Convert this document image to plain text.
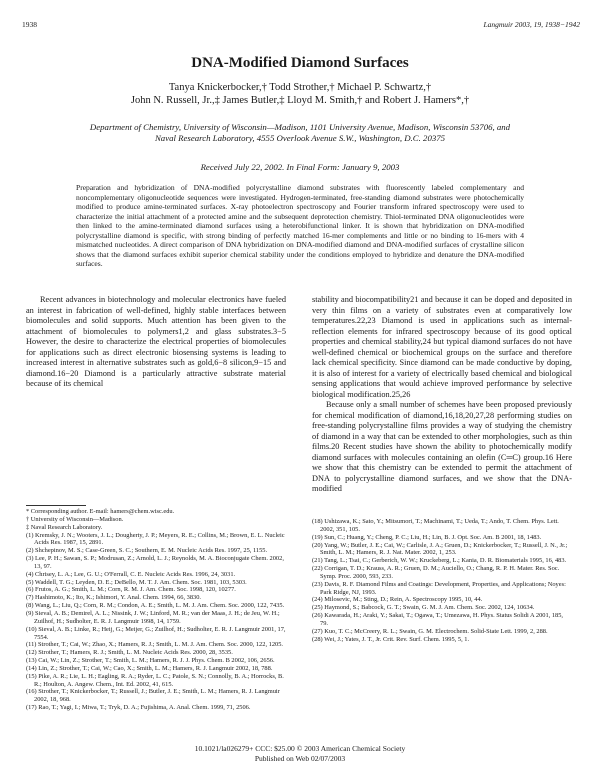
1938	Langmuir 2003, 19, 1938−1942
DNA-Modified Diamond Surfaces
Tanya Knickerbocker,† Todd Strother,† Michael P. Schwartz,†
John N. Russell, Jr.,‡ James Butler,‡ Lloyd M. Smith,† and Robert J. Hamers*,†
Department of Chemistry, University of Wisconsin—Madison, 1101 University Avenue, Madison, Wisconsin 53706, and Naval Research Laboratory, 4555 Overlook Avenue S.W., Washington, D.C. 20375
Received July 22, 2002. In Final Form: January 9, 2003
Preparation and hybridization of DNA-modified polycrystalline diamond substrates with fluorescently labeled complementary and noncomplementary oligonucleotide sequences were investigated. Hydrogen-terminated, free-standing diamond substrates were photochemically modified to produce amine-terminated surfaces. X-ray photoelectron spectroscopy and Fourier transform infrared spectroscopy were used to characterize the initial attachment of a protected amine and the subsequent deprotection chemistry. Thiol-terminated DNA oligonucleotides were then linked to the amine-terminated diamond surfaces using a heterobifunctional linker. It is shown that hybridization on DNA-modified polycrystalline diamond is specific, with strong binding of perfectly matched 16-mer complements and little or no binding to 16-mers with 4 mismatched nucleotides. A direct comparison of DNA hybridization on DNA-modified diamond and DNA-modified surfaces of crystalline silicon shows that the diamond surfaces exhibit superior chemical stability under the conditions employed to hybridize and denature the DNA-modified surfaces.

Recent advances in biotechnology and molecular electronics have fueled an interest in fabrication of well-defined, highly stable interfaces between biomolecules and solid supports. Much attention has been given to the attachment of biomolecules to polymers1,2 and glass substrates.3−5 However, the desire to characterize the electrical properties of biomolecules for applications such as direct electronic biosensing systems is leading to increased interest in alternative substrates such as gold,6−8 silicon,9−15 and diamond.16−20 Diamond is a particularly attractive substrate material because of its chemical

stability and biocompatibility21 and because it can be doped and deposited in very thin films on a variety of substrates even at comparatively low temperatures.22,23 Diamond is used in applications such as internal-reflection elements for infrared spectroscopy because of its good optical properties and chemical stability,24 but typical diamond surfaces do not have well-defined chemical or biochemical groups on the surface and therefore lack chemical specificity. Since diamond can be made conductive by doping, it is also of interest for a variety of electrically based chemical and biological sensing applications that would achieve improved performance by selective biological modification.25,26

Because only a small number of schemes have been proposed previously for chemical modification of diamond,16,18,20,27,28 performing studies on free-standing polycrystalline films provides a way of studying the chemistry of diamond in a way that can be extended to other morphologies, such as thin films.20 Recent studies have shown the ability to photochemically modify diamond surfaces with molecules containing an olefin (C═C) group.16 Here we show that this chemistry can be extended to permit the attachment of DNA to polycrystalline diamond surfaces, and we show that the DNA-modified

* Corresponding author. E-mail: hamers@chem.wisc.edu.
† University of Wisconsin—Madison.
‡ Naval Research Laboratory.
(1) Kremsky, J. N.; Wooters, J. L.; Dougherty, J. P.; Meyers, R. E.; Collins, M.; Brown, E. L. Nucleic Acids Res. 1987, 15, 2891.
(2) Shchepinov, M. S.; Case-Green, S. C.; Southern, E. M. Nucleic Acids Res. 1997, 25, 1155.
(3) Lee, P. H.; Sawan, S. P.; Modrusan, Z.; Arnold, L. J.; Reynolds, M. A. Bioconjugate Chem. 2002, 13, 97.
(4) Chrisey, L. A.; Lee, G. U.; O'Ferrall, C. E. Nucleic Acids Res. 1996, 24, 3031.
(5) Waddell, T. G.; Leyden, D. E.; DeBello, M. T. J. Am. Chem. Soc. 1981, 103, 5303.
(6) Frutos, A. G.; Smith, L. M.; Corn, R. M. J. Am. Chem. Soc. 1998, 120, 10277.
(7) Hashimoto, K.; Ito, K.; Ishimori, Y. Anal. Chem. 1994, 66, 3830.
(8) Wang, L.; Liu, Q.; Corn, R. M.; Condon, A. E.; Smith, L. M. J. Am. Chem. Soc. 2000, 122, 7435.
(9) Sieval, A. B.; Demirel, A. L.; Nissink, J. W.; Linford, M. R.; van der Maas, J. H.; de Jeu, W. H.; Zuilhof, H.; Sudholter, E. R. J. Langmuir 1998, 14, 1759.
(10) Sieval, A. B.; Linke, R.; Heij, G.; Meijer, G.; Zuilhof, H.; Sudholter, E. R. J. Langmuir 2001, 17, 7554.
(11) Strother, T.; Cai, W.; Zhao, X.; Hamers, R. J.; Smith, L. M. J. Am. Chem. Soc. 2000, 122, 1205.
(12) Strother, T.; Hamers, R. J.; Smith, L. M. Nucleic Acids Res. 2000, 28, 3535.
(13) Cai, W.; Lin, Z.; Strother, T.; Smith, L. M.; Hamers, R. J. J. Phys. Chem. B 2002, 106, 2656.
(14) Lin, Z.; Strother, T.; Cai, W.; Cao, X.; Smith, L. M.; Hamers, R. J. Langmuir 2002, 18, 788.
(15) Pike, A. R.; Lie, L. H.; Eagling, R. A.; Ryder, L. C.; Patole, S. N.; Connolly, B. A.; Horrocks, B. R.; Houlton, A. Angew. Chem., Int. Ed. 2002, 41, 615.
(16) Strother, T.; Knickerbocker, T.; Russell, J.; Butler, J. E.; Smith, L. M.; Hamers, R. J. Langmuir 2002, 18, 968.
(17) Rao, T.; Yagi, I.; Miwa, T.; Tryk, D. A.; Fujishima, A. Anal. Chem. 1999, 71, 2506.
(18) Ushizawa, K.; Sato, Y.; Mitsumori, T.; Machinami, T.; Ueda, T.; Ando, T. Chem. Phys. Lett. 2002, 351, 105.
(19) Sun, C.; Huang, Y.; Cheng, P. C.; Liu, H.; Lin, B. J. Opt. Soc. Am. B 2001, 18, 1483.
(20) Yang, W.; Butler, J. E.; Cai, W.; Carlisle, J. A.; Gruen, D.; Knickerbocker, T.; Russell, J. N., Jr.; Smith, L. M.; Hamers, R. J. Nat. Mater. 2002, 1, 253.
(21) Tang, L.; Tsai, C.; Gerberich, W. W.; Kruckeberg, L.; Kania, D. R. Biomaterials 1995, 16, 483.
(22) Corrigan, T. D.; Krauss, A. R.; Gruen, D. M.; Auciello, O.; Chang, R. P. H. Mater. Res. Soc. Symp. Proc. 2000, 593, 233.
(23) Davis, R. F. Diamond Films and Coatings: Development, Properties, and Applications; Noyes: Park Ridge, NJ, 1993.
(24) Milosevic, M.; Sting, D.; Rein, A. Spectroscopy 1995, 10, 44.
(25) Haymond, S.; Babcock, G. T.; Swain, G. M. J. Am. Chem. Soc. 2002, 124, 10634.
(26) Kawarada, H.; Araki, Y.; Sakai, T.; Ogawa, T.; Umezawa, H. Phys. Status Solidi A 2001, 185, 79.
(27) Kuo, T. C.; McCreery, R. L.; Swain, G. M. Electrochem. Solid-State Lett. 1999, 2, 288.
(28) Wei, J.; Yates, J. T., Jr. Crit. Rev. Surf. Chem. 1995, 5, 1.
10.1021/la026279+ CCC: $25.00 © 2003 American Chemical Society
Published on Web 02/07/2003
